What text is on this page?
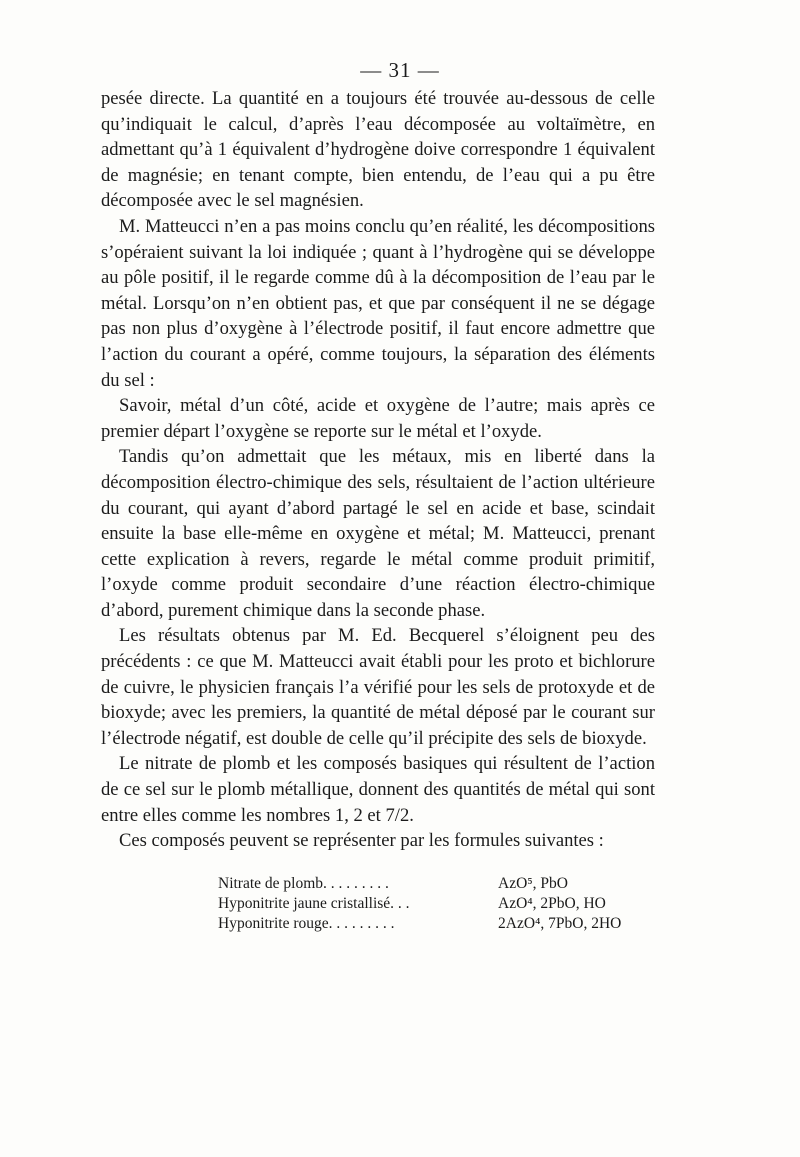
— 31 —

pesée directe. La quantité en a toujours été trouvée au-dessous de celle qu’indiquait le calcul, d’après l’eau décomposée au voltaïmètre, en admettant qu’à 1 équivalent d’hydrogène doive correspondre 1 équivalent de magnésie; en tenant compte, bien entendu, de l’eau qui a pu être décomposée avec le sel magnésien.

M. Matteucci n’en a pas moins conclu qu’en réalité, les décompositions s’opéraient suivant la loi indiquée ; quant à l’hydrogène qui se développe au pôle positif, il le regarde comme dû à la décomposition de l’eau par le métal. Lorsqu’on n’en obtient pas, et que par conséquent il ne se dégage pas non plus d’oxygène à l’électrode positif, il faut encore admettre que l’action du courant a opéré, comme toujours, la séparation des éléments du sel :

Savoir, métal d’un côté, acide et oxygène de l’autre; mais après ce premier départ l’oxygène se reporte sur le métal et l’oxyde.

Tandis qu’on admettait que les métaux, mis en liberté dans la décomposition électro-chimique des sels, résultaient de l’action ultérieure du courant, qui ayant d’abord partagé le sel en acide et base, scindait ensuite la base elle-même en oxygène et métal; M. Matteucci, prenant cette explication à revers, regarde le métal comme produit primitif, l’oxyde comme produit secondaire d’une réaction électro-chimique d’abord, purement chimique dans la seconde phase.

Les résultats obtenus par M. Ed. Becquerel s’éloignent peu des précédents : ce que M. Matteucci avait établi pour les proto et bichlorure de cuivre, le physicien français l’a vérifié pour les sels de protoxyde et de bioxyde; avec les premiers, la quantité de métal déposé par le courant sur l’électrode négatif, est double de celle qu’il précipite des sels de bioxyde.

Le nitrate de plomb et les composés basiques qui résultent de l’action de ce sel sur le plomb métallique, donnent des quantités de métal qui sont entre elles comme les nombres 1, 2 et 7/2.

Ces composés peuvent se représenter par les formules suivantes :

Nitrate de plomb. . . . . . . . .	AzO⁵, PbO
Hyponitrite jaune cristallisé. . .	AzO⁴, 2PbO, HO
Hyponitrite rouge. . . . . . . . .	2AzO⁴, 7PbO, 2HO
